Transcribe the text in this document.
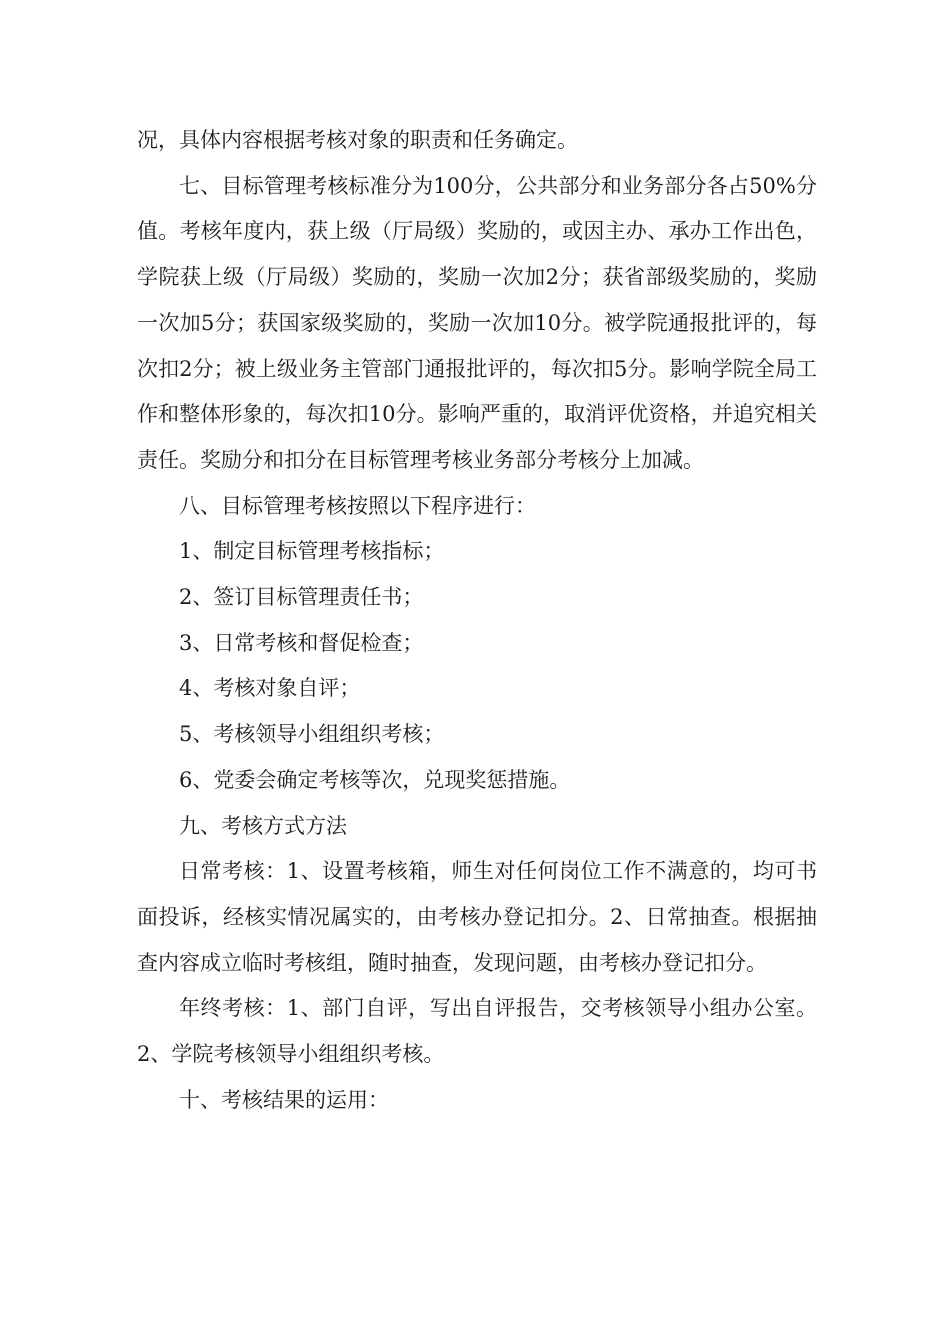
况，具体内容根据考核对象的职责和任务确定。

七、目标管理考核标准分为100分，公共部分和业务部分各占50%分值。考核年度内，获上级（厅局级）奖励的，或因主办、承办工作出色，学院获上级（厅局级）奖励的，奖励一次加2分；获省部级奖励的，奖励一次加5分；获国家级奖励的，奖励一次加10分。被学院通报批评的，每次扣2分；被上级业务主管部门通报批评的，每次扣5分。影响学院全局工作和整体形象的，每次扣10分。影响严重的，取消评优资格，并追究相关责任。奖励分和扣分在目标管理考核业务部分考核分上加减。

八、目标管理考核按照以下程序进行：

1、制定目标管理考核指标；

2、签订目标管理责任书；

3、日常考核和督促检查；

4、考核对象自评；

5、考核领导小组组织考核；

6、党委会确定考核等次，兑现奖惩措施。

九、考核方式方法

日常考核：1、设置考核箱，师生对任何岗位工作不满意的，均可书面投诉，经核实情况属实的，由考核办登记扣分。2、日常抽查。根据抽查内容成立临时考核组，随时抽查，发现问题，由考核办登记扣分。

年终考核：1、部门自评，写出自评报告，交考核领导小组办公室。2、学院考核领导小组组织考核。

十、考核结果的运用：
